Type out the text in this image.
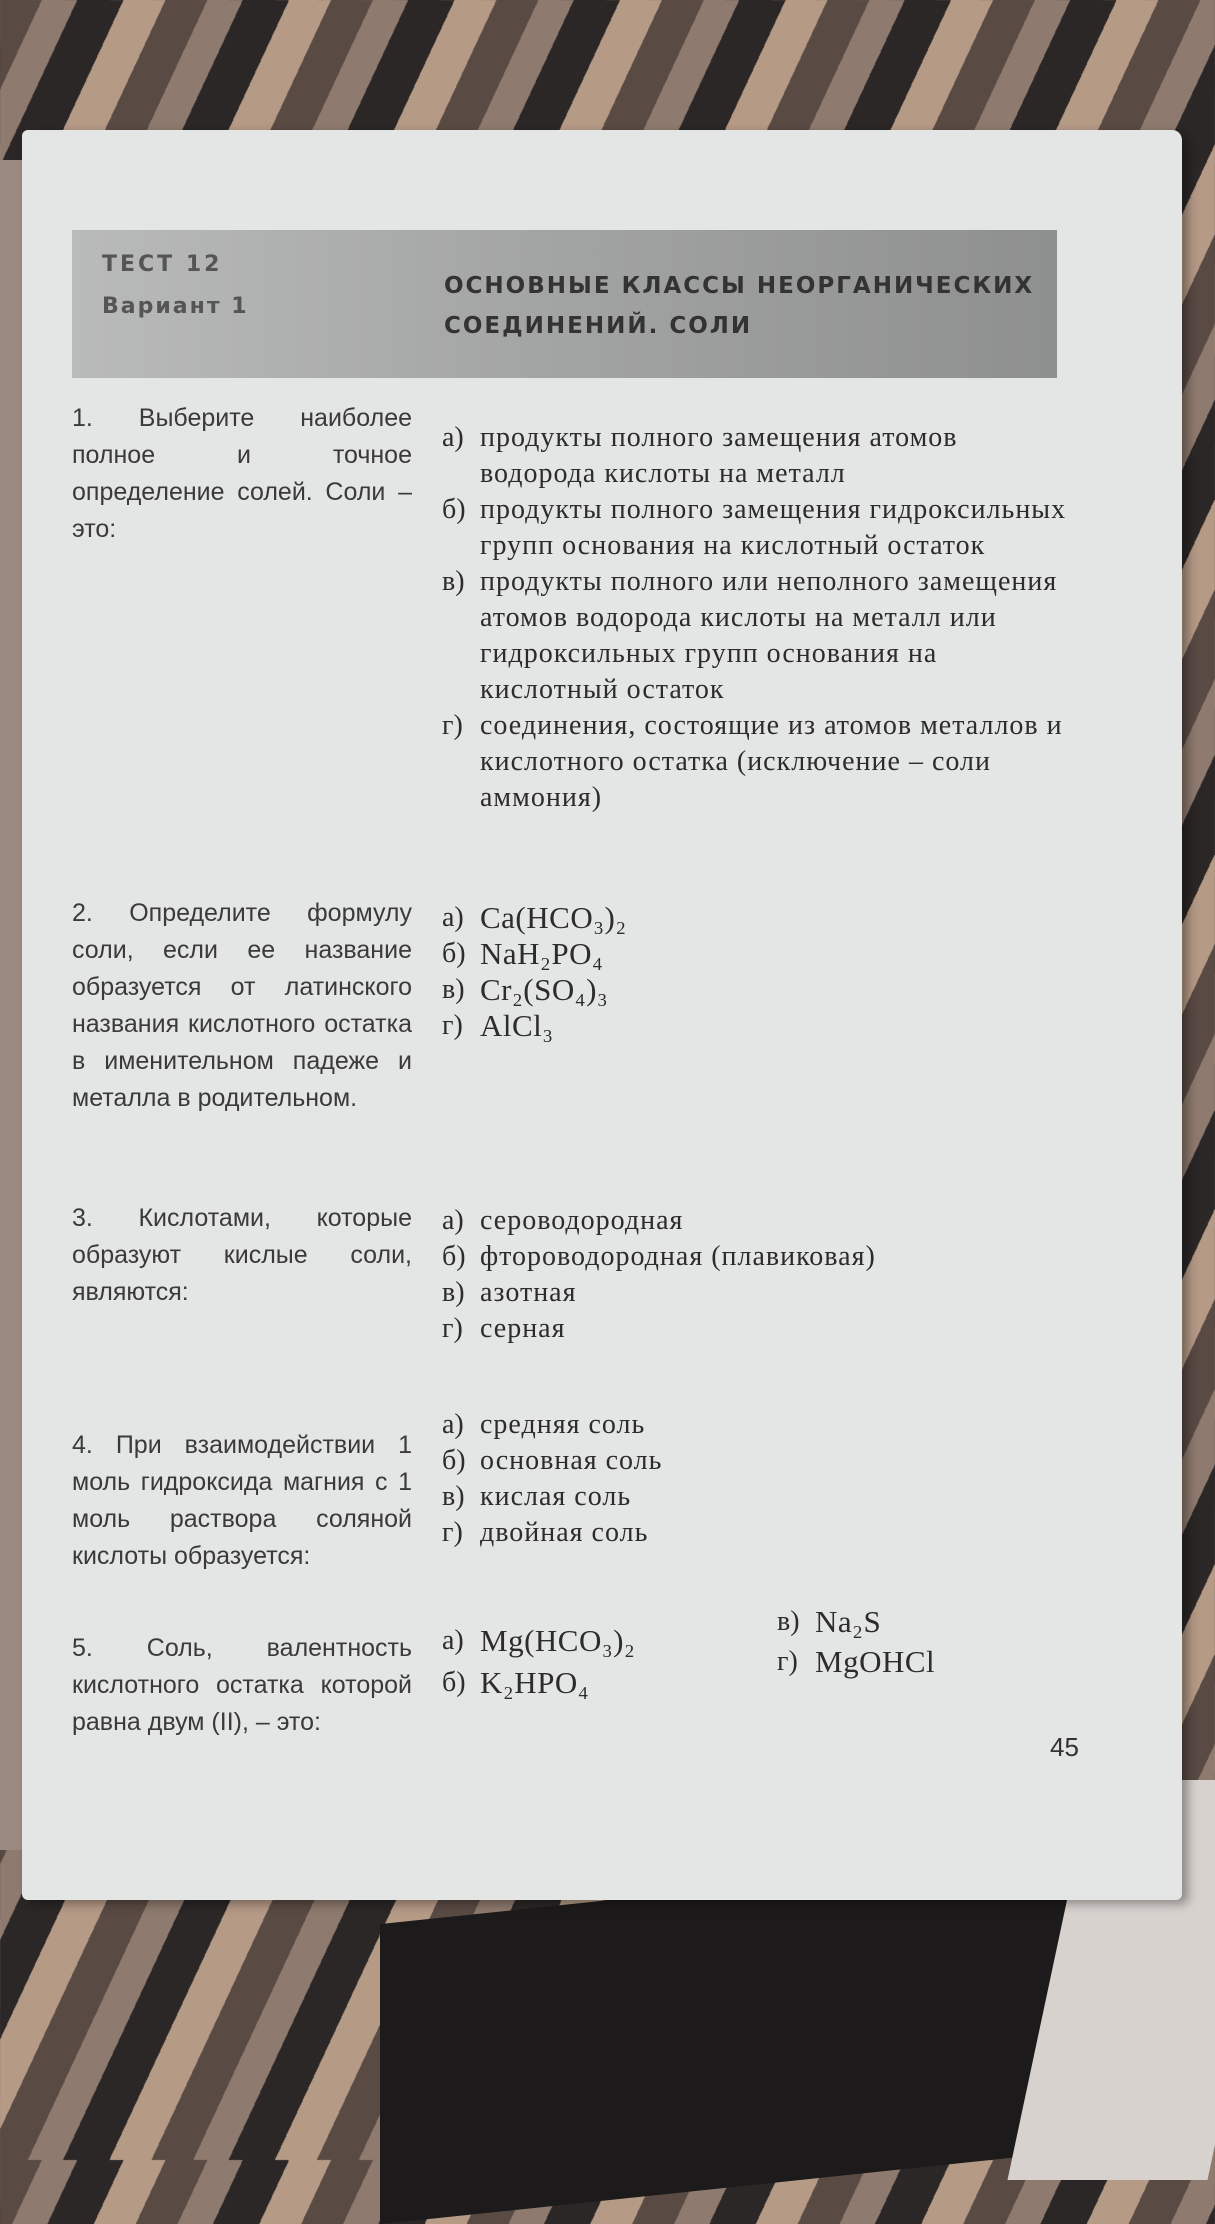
ТЕСТ 12
Вариант 1
ОСНОВНЫЕ КЛАССЫ НЕОРГАНИЧЕСКИХ
СОЕДИНЕНИЙ. СОЛИ
1. Выберите наиболее полное и точное определение солей. Соли – это:
а) продукты полного замещения атомов водорода кислоты на металл
б) продукты полного замещения гидроксильных групп основания на кислотный остаток
в) продукты полного или неполного замещения атомов водорода кислоты на металл или гидроксильных групп основания на кислотный остаток
г) соединения, состоящие из атомов металлов и кислотного остатка (исключение – соли аммония)
2. Определите формулу соли, если ее название образуется от латинского названия кислотного остатка в именительном падеже и металла в родительном.
а) Ca(HCO₃)₂
б) NaH₂PO₄
в) Cr₂(SO₄)₃
г) AlCl₃
3. Кислотами, которые образуют кислые соли, являются:
а) сероводородная
б) фтороводородная (плавиковая)
в) азотная
г) серная
4. При взаимодействии 1 моль гидроксида магния с 1 моль раствора соляной кислоты образуется:
а) средняя соль
б) основная соль
в) кислая соль
г) двойная соль
5. Соль, валентность кислотного остатка которой равна двум (II), – это:
а) Mg(HCO₃)₂
б) K₂HPO₄
в) Na₂S
г) MgOHCl
45
